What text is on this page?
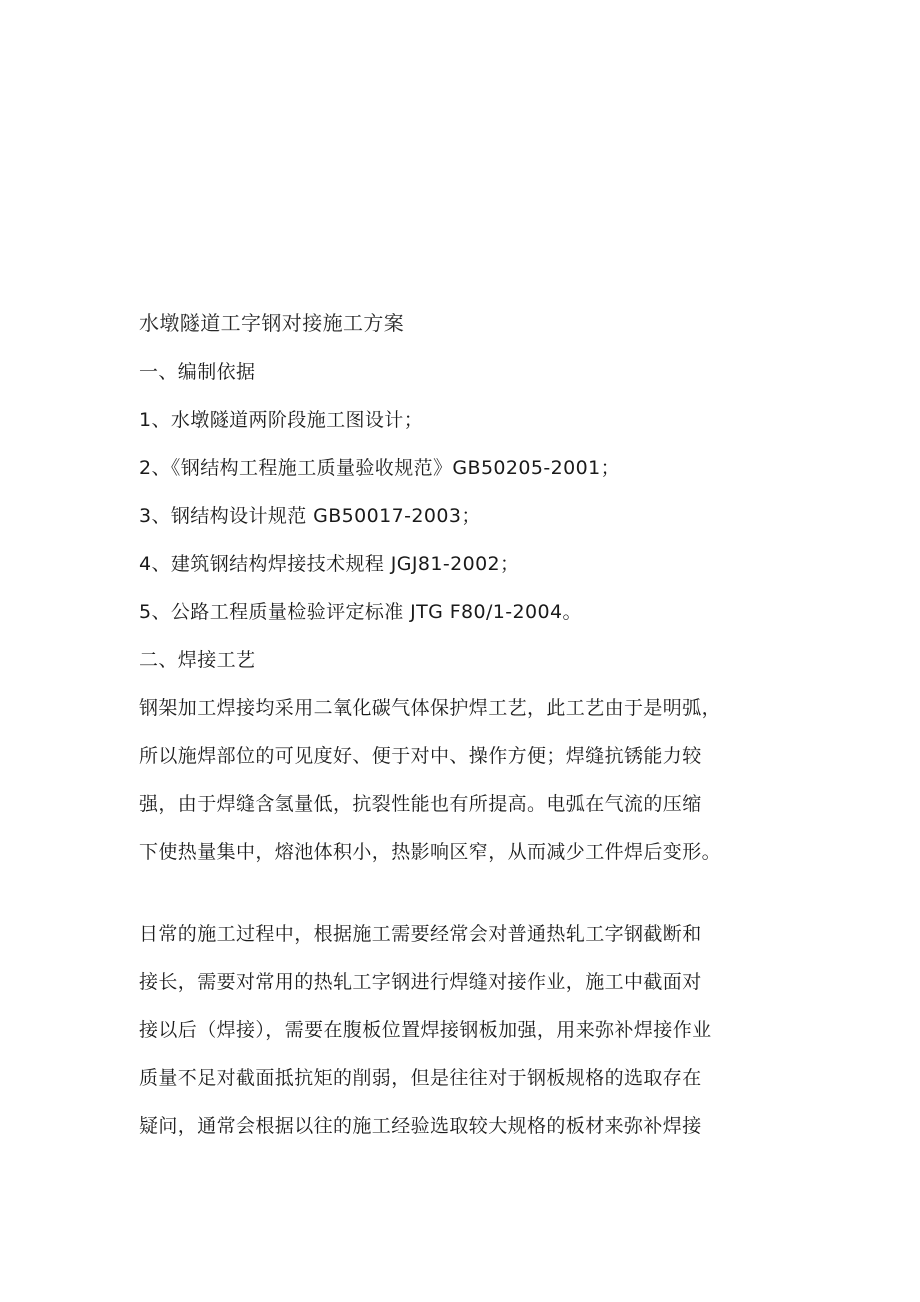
水墩隧道工字钢对接施工方案

一、编制依据

1、水墩隧道两阶段施工图设计；

2、《钢结构工程施工质量验收规范》GB50205-2001；

3、钢结构设计规范 GB50017-2003；

4、建筑钢结构焊接技术规程 JGJ81-2002；

5、公路工程质量检验评定标准 JTG F80/1-2004。

二、焊接工艺

钢架加工焊接均采用二氧化碳气体保护焊工艺，此工艺由于是明弧，

所以施焊部位的可见度好、便于对中、操作方便；焊缝抗锈能力较

强，由于焊缝含氢量低，抗裂性能也有所提高。电弧在气流的压缩

下使热量集中，熔池体积小，热影响区窄，从而减少工件焊后变形。

日常的施工过程中，根据施工需要经常会对普通热轧工字钢截断和

接长，需要对常用的热轧工字钢进行焊缝对接作业，施工中截面对

接以后（焊接），需要在腹板位置焊接钢板加强，用来弥补焊接作业

质量不足对截面抵抗矩的削弱，但是往往对于钢板规格的选取存在

疑问，通常会根据以往的施工经验选取较大规格的板材来弥补焊接
